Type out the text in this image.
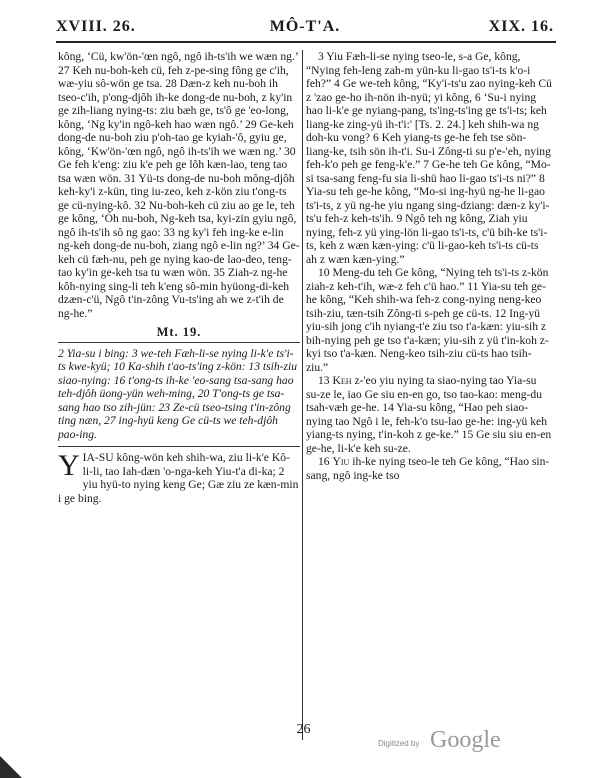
XVIII. 26.	MÔ-T'A.	XIX. 16.

kông, ‘Cü, kw'ön-'œn ngô, ngô ih-ts'ih we wæn ng.’ 27 Keh nu-boh-keh cü, feh z-pe-sing fông ge c'ih, wæ-yiu sô-wön ge tsa. 28 Dæn-z keh nu-boh ih tseo-c'ih, p'ong-djôh ih-ke dong-de nu-boh, z ky'in ge zih-liang nying-ts: ziu bæh ge, ts'ô ge 'eo-long, kông, ‘Ng ky'in ngô-keh hao wæn ngô.’ 29 Ge-keh dong-de nu-boh ziu p'oh-tao ge kyiah-'ô, gyiu ge, kông, ‘Kw'ön-'œn ngô, ngô ih-ts'ih we wæn ng.’ 30 Ge feh k'eng: ziu k'e peh ge lôh kæn-lao, teng tao tsa wæn wön. 31 Yü-ts dong-de nu-boh mông-djôh keh-ky'i z-kün, ting iu-zeo, keh z-kön ziu t'ong-ts ge cü-nying-kô. 32 Nu-boh-keh cü ziu ao ge le, teh ge kông, ‘Óh nu-boh, Ng-keh tsa, kyi-zin gyiu ngô, ngô ih-ts'ih sô ng gao: 33 ng ky'i feh ing-ke e-lin ng-keh dong-de nu-boh, ziang ngô e-lin ng?’ 34 Ge-keh cü fæh-nu, peh ge nying kao-de lao-deo, teng-tao ky'in ge-keh tsa tu wæn wön. 35 Ziah-z ng-he kôh-nying sing-li teh k'eng sô-min hyüong-di-keh dzæn-c'ü, Ngô t'in-zông Vu-ts'ing ah we z-t'ih de ng-he.”

Mt. 19.

2 Yia-su i bing: 3 we-teh Fæh-li-se nying li-k'e ts'i-ts kwe-kyü; 10 Ka-shih t'ao-ts'ing z-kön: 13 tsih-ziu siao-nying: 16 t'ong-ts ih-ke 'eo-sang tsa-sang hao teh-djôh üong-yün weh-ming, 20 T'ong-ts ge tsa-sang hao tso zih-jün: 23 Ze-cü tseo-tsing t'in-zông ting næn, 27 ing-hyü keng Ge cü-ts we teh-djôh pao-ing.

YIA-SU kông-wön keh shih-wa, ziu li-k'e Kô-li-li, tao Iah-dæn 'o-nga-keh Yiu-t'a di-ka; 2 yiu hyü-to nying keng Ge; Gæ ziu ze kæn-min i ge bing.

3 Yiu Fæh-li-se nying tseo-le, s-a Ge, kông, “Nying feh-leng zah-m yün-ku li-gao ts'i-ts k'o-i feh?” 4 Ge we-teh kông, “Ky'i-ts'u zao nying-keh Cü z 'zao ge-ho ih-nön ih-nyü; yi kông, 6 ‘Su-i nying hao li-k'e ge nyiang-pang, ts'ing-ts'ing ge ts'i-ts; keh liang-ke zing-yü ih-t'i:' [Ts. 2. 24.] keh shih-wa ng doh-ku vong? 6 Keh yiang-ts ge-he feh tse sön-liang-ke, tsih sön ih-t'i. Su-i Zông-ti su p'e-'eh, nying feh-k'o peh ge feng-k'e.” 7 Ge-he teh Ge kông, “Mo-si tsa-sang feng-fu sia li-shü hao li-gao ts'i-ts ni?” 8 Yia-su teh ge-he kông, “Mo-si ing-hyü ng-he li-gao ts'i-ts, z yü ng-he yiu ngang sing-dziang: dæn-z ky'i-ts'u feh-z keh-ts'ih. 9 Ngô teh ng kông, Ziah yiu nying, feh-z yü ying-lön li-gao ts'i-ts, c'ü bih-ke ts'i-ts, keh z wæn kæn-ying: c'ü li-gao-keh ts'i-ts cü-ts ah z wæn kæn-ying.”

10 Meng-du teh Ge kông, “Nying teh ts'i-ts z-kön ziah-z keh-t'ih, wæ-z feh c'ü hao.” 11 Yia-su teh ge-he kông, “Keh shih-wa feh-z cong-nying neng-keo tsih-ziu, tæn-tsih Zông-ti s-peh ge cü-ts. 12 Ing-yü yiu-sih jong c'ih nyiang-t'e ziu tso t'a-kæn: yiu-sih z bih-nying peh ge tso t'a-kæn; yiu-sih z yü t'in-koh z-kyi tso t'a-kæn. Neng-keo tsih-ziu cü-ts hao tsih-ziu.”

13 Keh z-'eo yiu nying ta siao-nying tao Yia-su su-ze le, iao Ge siu en-en go, tso tao-kao: meng-du tsah-væh ge-he. 14 Yia-su kông, “Hao peh siao-nying tao Ngô i le, feh-k'o tsu-lao ge-he: ing-yü keh yiang-ts nying, t'in-koh z ge-ke.” 15 Ge siu siu en-en ge-he, li-k'e keh su-ze.

16 Yiu ih-ke nying tseo-le teh Ge kông, “Hao sin-sang, ngô ing-ke tso

26
Digitized by Google
